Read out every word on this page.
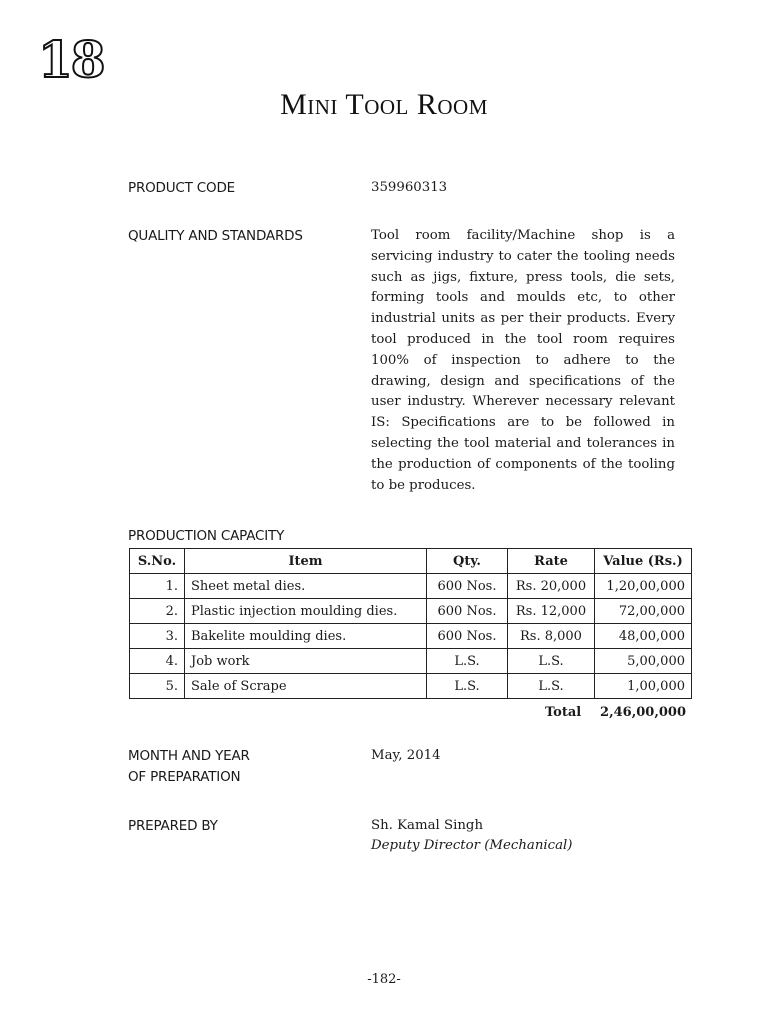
18
Mini Tool Room
PRODUCT CODE	359960313
QUALITY AND STANDARDS	Tool room facility/Machine shop is a servicing industry to cater the tooling needs such as jigs, fixture, press tools, die sets, forming tools and moulds etc, to other industrial units as per their products. Every tool produced in the tool room requires 100% of inspection to adhere to the drawing, design and specifications of the user industry. Wherever necessary relevant IS: Specifications are to be followed in selecting the tool material and tolerances in the production of components of the tooling to be produces.
PRODUCTION CAPACITY
S.No.	Item	Qty.	Rate	Value (Rs.)
1.	Sheet metal dies.	600 Nos.	Rs. 20,000	1,20,00,000
2.	Plastic injection moulding dies.	600 Nos.	Rs. 12,000	72,00,000
3.	Bakelite moulding dies.	600 Nos.	Rs. 8,000	48,00,000
4.	Job work	L.S.	L.S.	5,00,000
5.	Sale of Scrape	L.S.	L.S.	1,00,000
Total 2,46,00,000
MONTH AND YEAR
OF PREPARATION
May, 2014
PREPARED BY	Sh. Kamal Singh
Deputy Director (Mechanical)
-182-
